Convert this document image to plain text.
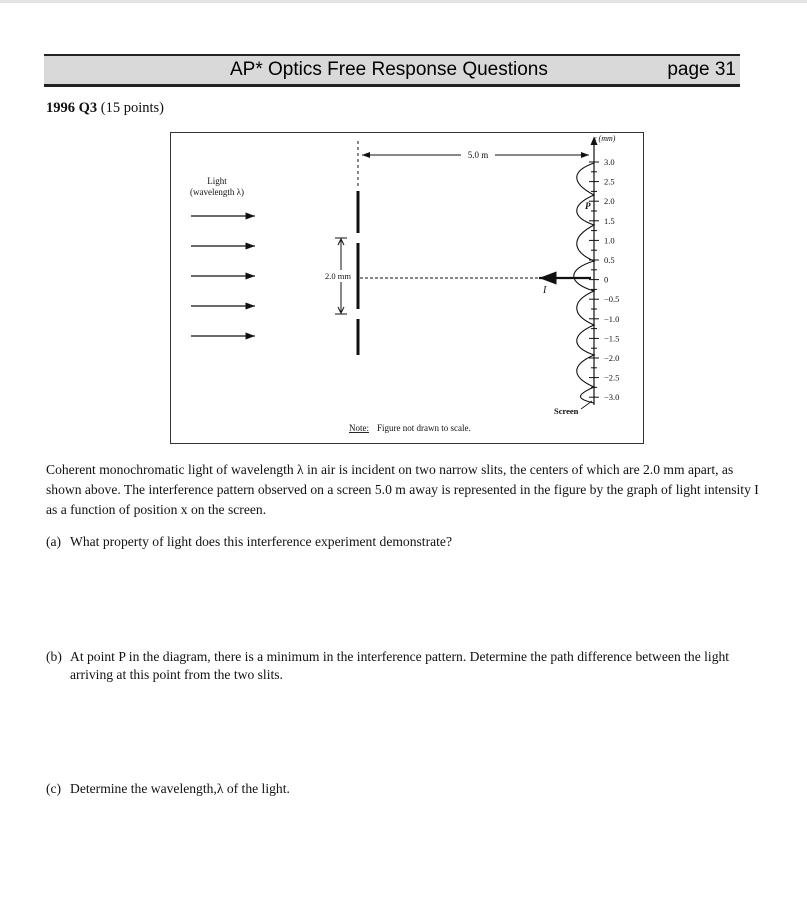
AP* Optics Free Response Questions	page 31
1996 Q3 (15 points)
Light
(wavelength λ)
2.0 mm
5.0 m
I
P
x (mm)
3.0
2.5
2.0
1.5
1.0
0.5
0
−0.5
−1.0
−1.5
−2.0
−2.5
−3.0
Screen
Note: Figure not drawn to scale.
Coherent monochromatic light of wavelength λ in air is incident on two narrow slits, the centers of which are 2.0 mm apart, as shown above. The interference pattern observed on a screen 5.0 m away is represented in the figure by the graph of light intensity I as a function of position x on the screen.
(a) What property of light does this interference experiment demonstrate?
(b) At point P in the diagram, there is a minimum in the interference pattern. Determine the path difference between the light arriving at this point from the two slits.
(c) Determine the wavelength,λ of the light.
